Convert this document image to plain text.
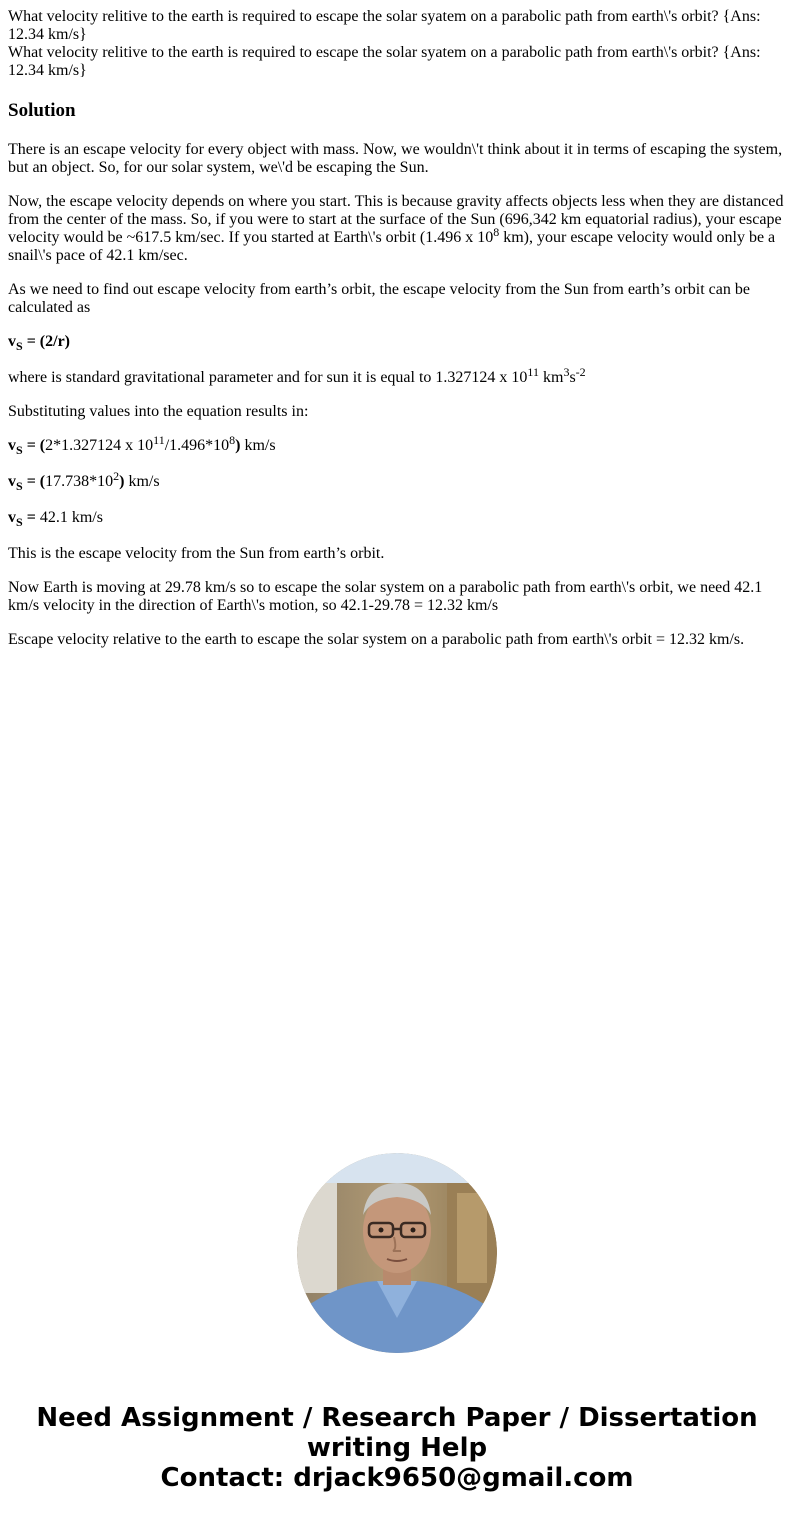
What velocity relitive to the earth is required to escape the solar syatem on a parabolic path from earth\'s orbit? {Ans: 12.34 km/s}
What velocity relitive to the earth is required to escape the solar syatem on a parabolic path from earth\'s orbit? {Ans: 12.34 km/s}
Solution

There is an escape velocity for every object with mass. Now, we wouldn\'t think about it in terms of escaping the system, but an object. So, for our solar system, we\'d be escaping the Sun.

Now, the escape velocity depends on where you start. This is because gravity affects objects less when they are distanced from the center of the mass. So, if you were to start at the surface of the Sun (696,342 km equatorial radius), your escape velocity would be ~617.5 km/sec. If you started at Earth\'s orbit (1.496 x $10^8$ km), your escape velocity would only be a snail\'s pace of 42.1 km/sec.

As we need to find out escape velocity from earth’s orbit, the escape velocity from the Sun from earth’s orbit can be calculated as

$v_S = (2/r)$

where is standard gravitational parameter and for sun it is equal to 1.327124 x $10^{11}$ $km^3s^{-2}$

Substituting values into the equation results in:

$v_S = (2*1.327124$ x $10^{11}/1.496*10^8$) km/s

$v_S = (17.738*10^2)$ km/s

$v_S = 42.1$ km/s

This is the escape velocity from the Sun from earth’s orbit.

Now Earth is moving at 29.78 km/s so to escape the solar system on a parabolic path from earth\'s orbit, we need 42.1 km/s velocity in the direction of Earth\'s motion, so 42.1-29.78 = 12.32 km/s

Escape velocity relative to the earth to escape the solar system on a parabolic path from earth\'s orbit = 12.32 km/s.

Need Assignment / Research Paper / Dissertation
writing Help
Contact: drjack9650@gmail.com
